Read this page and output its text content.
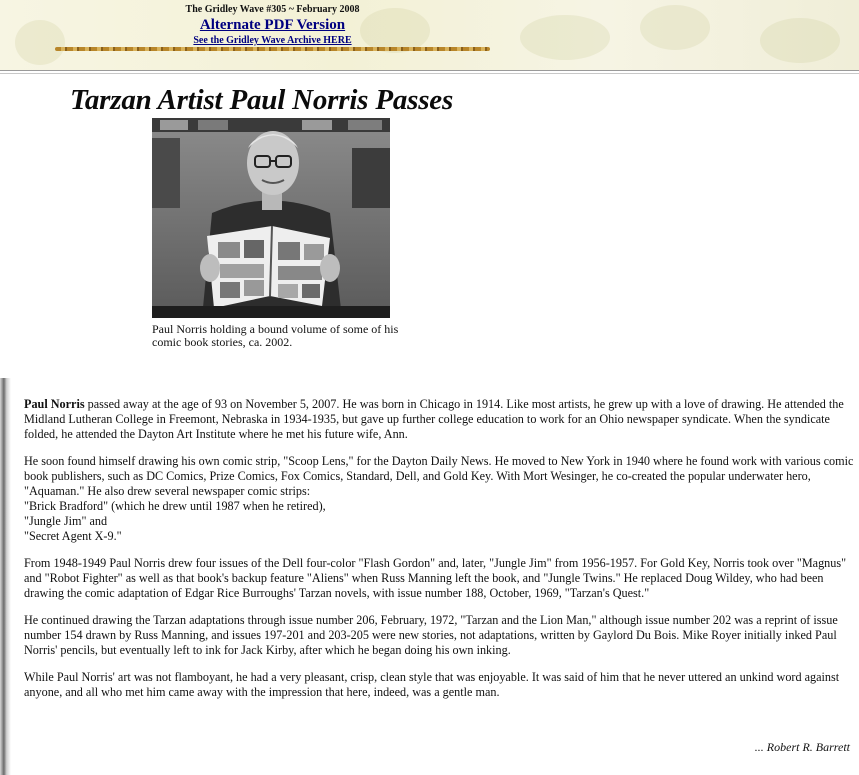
The Gridley Wave #305 ~ February 2008
Alternate PDF Version
See the Gridley Wave Archive HERE
Tarzan Artist Paul Norris Passes
Paul Norris holding a bound volume of some of his comic book stories, ca. 2002.

Paul Norris passed away at the age of 93 on November 5, 2007. He was born in Chicago in 1914. Like most artists, he grew up with a love of drawing. He attended the Midland Lutheran College in Freemont, Nebraska in 1934-1935, but gave up further college education to work for an Ohio newspaper syndicate. When the syndicate folded, he attended the Dayton Art Institute where he met his future wife, Ann.

He soon found himself drawing his own comic strip, "Scoop Lens," for the Dayton Daily News. He moved to New York in 1940 where he found work with various comic book publishers, such as DC Comics, Prize Comics, Fox Comics, Standard, Dell, and Gold Key. With Mort Wesinger, he co-created the popular underwater hero, "Aquaman." He also drew several newspaper comic strips:
"Brick Bradford" (which he drew until 1987 when he retired),
"Jungle Jim" and
"Secret Agent X-9."

From 1948-1949 Paul Norris drew four issues of the Dell four-color "Flash Gordon" and, later, "Jungle Jim" from 1956-1957. For Gold Key, Norris took over "Magnus" and "Robot Fighter" as well as that book's backup feature "Aliens" when Russ Manning left the book, and "Jungle Twins." He replaced Doug Wildey, who had been drawing the comic adaptation of Edgar Rice Burroughs' Tarzan novels, with issue number 188, October, 1969, "Tarzan's Quest."

He continued drawing the Tarzan adaptations through issue number 206, February, 1972, "Tarzan and the Lion Man," although issue number 202 was a reprint of issue number 154 drawn by Russ Manning, and issues 197-201 and 203-205 were new stories, not adaptations, written by Gaylord Du Bois. Mike Royer initially inked Paul Norris' pencils, but eventually left to ink for Jack Kirby, after which he began doing his own inking.

While Paul Norris' art was not flamboyant, he had a very pleasant, crisp, clean style that was enjoyable. It was said of him that he never uttered an unkind word against anyone, and all who met him came away with the impression that here, indeed, was a gentle man.

... Robert R. Barrett
